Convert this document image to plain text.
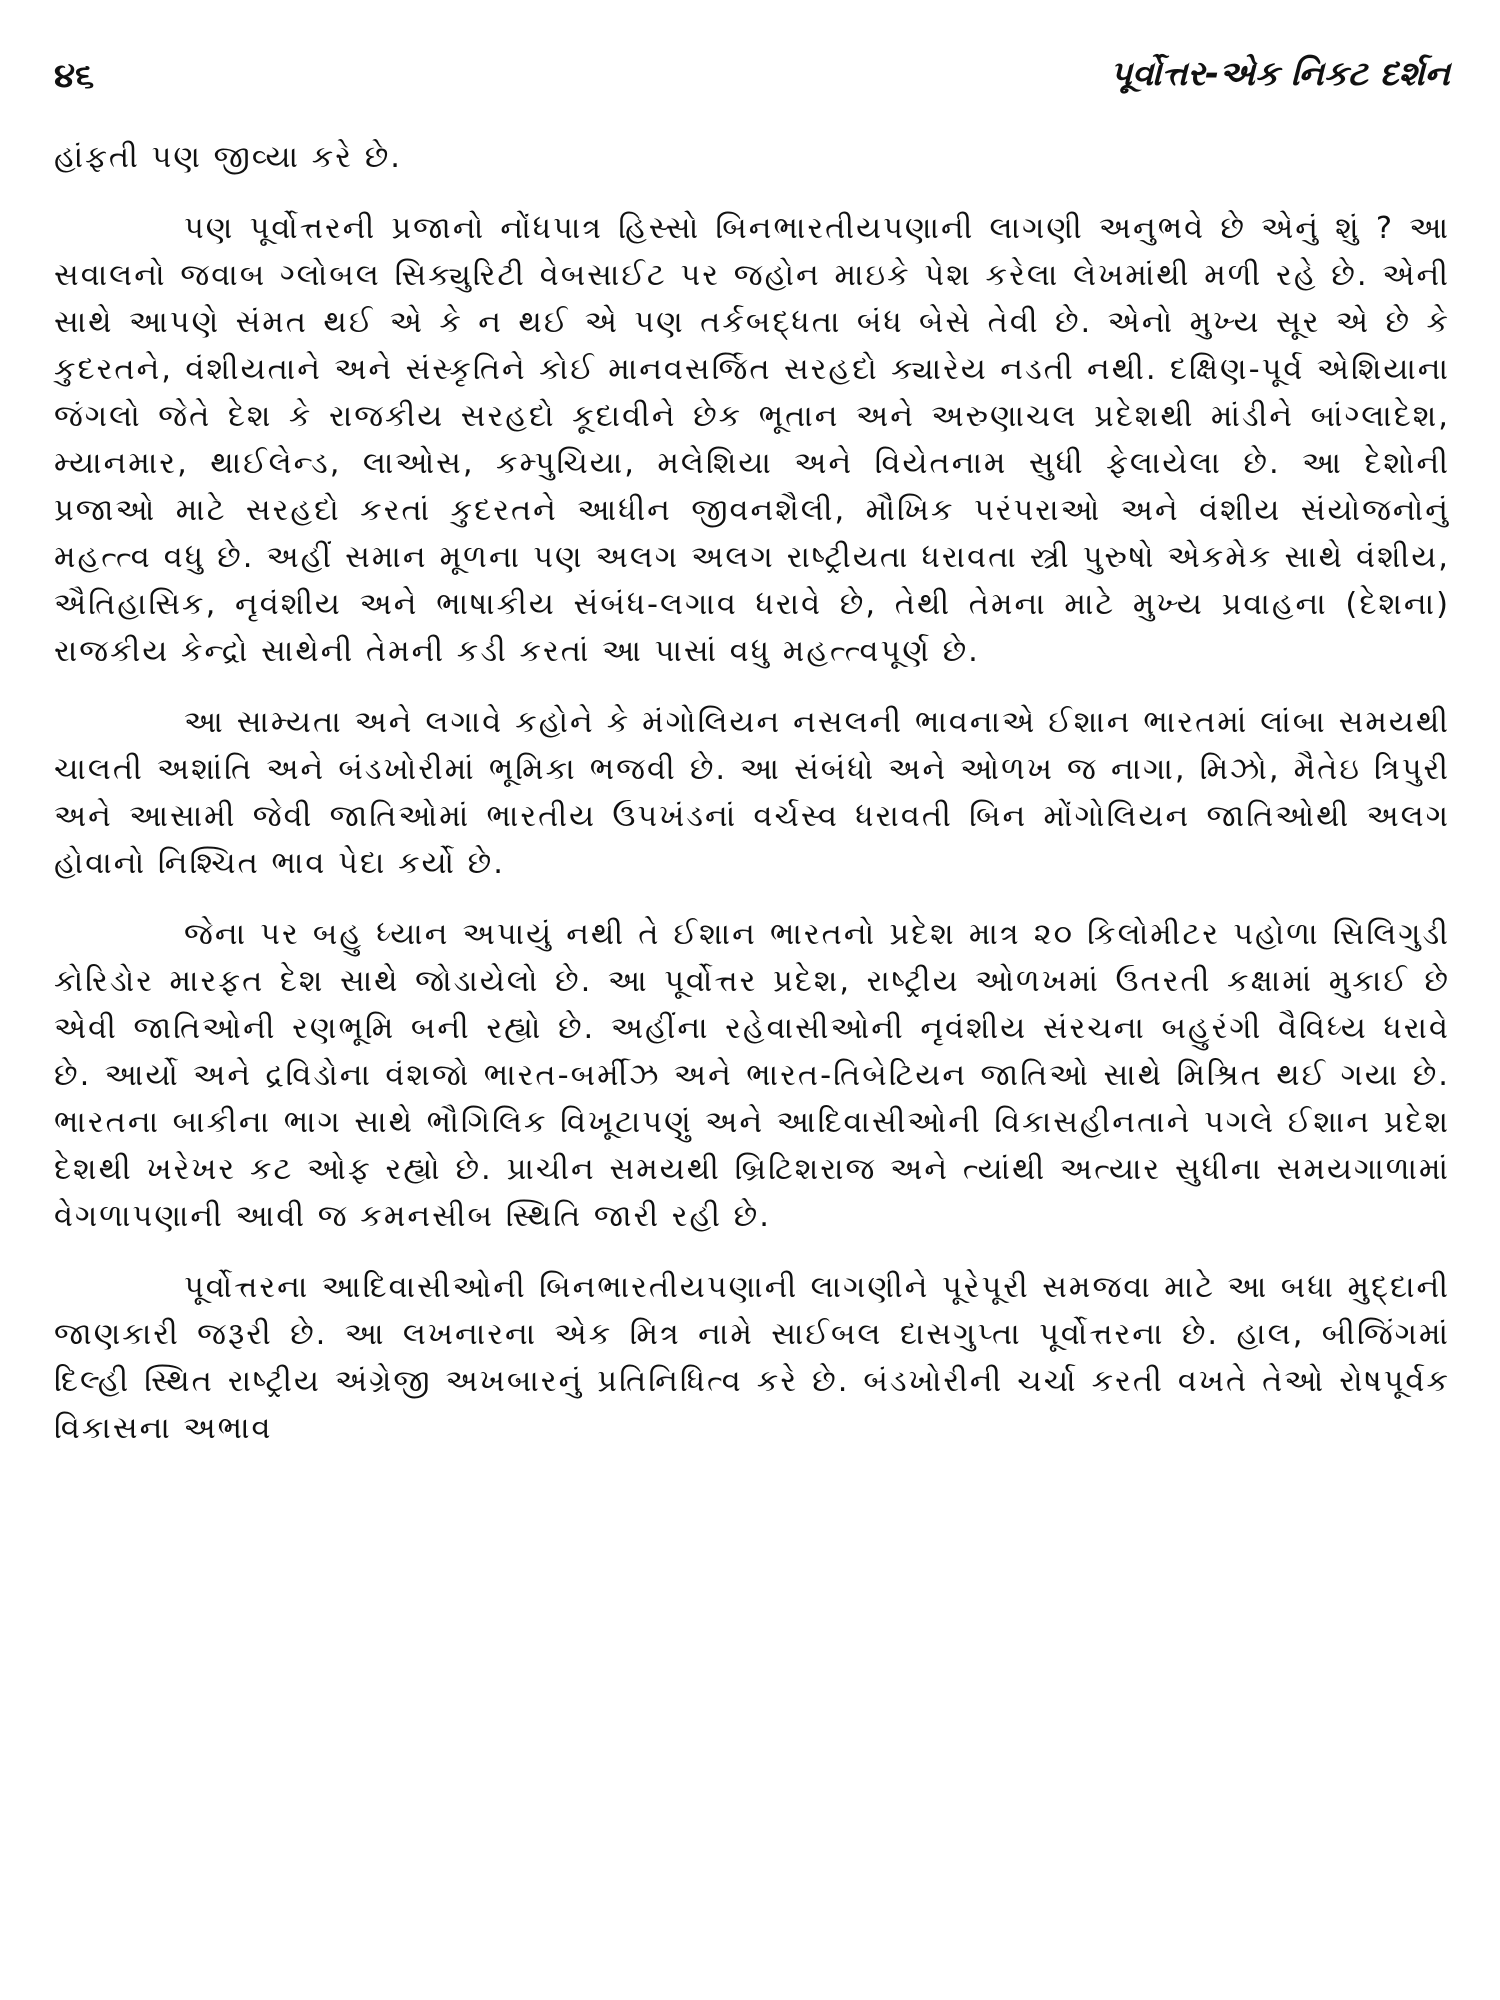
૪૬	પૂર્વોત્તર-એક નિકટ દર્શન

હાંફતી પણ જીવ્યા કરે છે.

પણ પૂર્વોત્તરની પ્રજાનો નોંધપાત્ર હિસ્સો બિનભારતીયપણાની લાગણી અનુભવે છે એનું શું ? આ સવાલનો જવાબ ગ્લોબલ સિક્યુરિટી વેબસાઈટ પર જહોન માઇકે પેશ કરેલા લેખમાંથી મળી રહે છે. એની સાથે આપણે સંમત થઈ એ કે ન થઈ એ પણ તર્કબદ્ધતા બંધ બેસે તેવી છે. એનો મુખ્ય સૂર એ છે કે કુદરતને, વંશીયતાને અને સંસ્કૃતિને કોઈ માનવસર્જિત સરહદો ક્યારેય નડતી નથી. દક્ષિણ-પૂર્વ એશિયાના જંગલો જેતે દેશ કે રાજકીય સરહદો કૂદાવીને છેક ભૂતાન અને અરુણાચલ પ્રદેશથી માંડીને બાંગ્લાદેશ, મ્યાનમાર, થાઈલેન્ડ, લાઓસ, કમ્પુચિયા, મલેશિયા અને વિયેતનામ સુધી ફેલાયેલા છે. આ દેશોની પ્રજાઓ માટે સરહદો કરતાં કુદરતને આધીન જીવનશૈલી, મૌખિક પરંપરાઓ અને વંશીય સંયોજનોનું મહત્ત્વ વધુ છે. અહીં સમાન મૂળના પણ અલગ અલગ રાષ્ટ્રીયતા ધરાવતા સ્ત્રી પુરુષો એકમેક સાથે વંશીય, ઐતિહાસિક, નૃવંશીય અને ભાષાકીય સંબંધ-લગાવ ધરાવે છે, તેથી તેમના માટે મુખ્ય પ્રવાહના (દેશના) રાજકીય કેન્દ્રો સાથેની તેમની કડી કરતાં આ પાસાં વધુ મહત્ત્વપૂર્ણ છે.

આ સામ્યતા અને લગાવે કહોને કે મંગોલિયન નસલની ભાવનાએ ઈશાન ભારતમાં લાંબા સમયથી ચાલતી અશાંતિ અને બંડખોરીમાં ભૂમિકા ભજવી છે. આ સંબંધો અને ઓળખ જ નાગા, મિઝો, મૈતેઇ ત્રિપુરી અને આસામી જેવી જાતિઓમાં ભારતીય ઉપખંડનાં વર્ચસ્વ ધરાવતી બિન મોંગોલિયન જાતિઓથી અલગ હોવાનો નિશ્ચિત ભાવ પેદા કર્યો છે.

જેના પર બહુ ધ્યાન અપાયું નથી તે ઈશાન ભારતનો પ્રદેશ માત્ર ૨૦ કિલોમીટર પહોળા સિલિગુડી કોરિડોર મારફત દેશ સાથે જોડાયેલો છે. આ પૂર્વોત્તર પ્રદેશ, રાષ્ટ્રીય ઓળખમાં ઉતરતી કક્ષામાં મુકાઈ છે એવી જાતિઓની રણભૂમિ બની રહ્યો છે. અહીંના રહેવાસીઓની નૃવંશીય સંરચના બહુરંગી વૈવિધ્ય ધરાવે છે. આર્યો અને દ્રવિડોના વંશજો ભારત-બર્મીઝ અને ભારત-તિબેટિયન જાતિઓ સાથે મિશ્રિત થઈ ગયા છે. ભારતના બાકીના ભાગ સાથે ભૌગિલિક વિખૂટાપણું અને આદિવાસીઓની વિકાસહીનતાને પગલે ઈશાન પ્રદેશ દેશથી ખરેખર કટ ઓફ રહ્યો છે. પ્રાચીન સમયથી બ્રિટિશરાજ અને ત્યાંથી અત્યાર સુધીના સમયગાળામાં વેગળાપણાની આવી જ કમનસીબ સ્થિતિ જારી રહી છે.

પૂર્વોત્તરના આદિવાસીઓની બિનભારતીયપણાની લાગણીને પૂરેપૂરી સમજવા માટે આ બધા મુદ્દાની જાણકારી જરૂરી છે. આ લખનારના એક મિત્ર નામે સાઈબલ દાસગુપ્તા પૂર્વોત્તરના છે. હાલ, બીજિંગમાં દિલ્હી સ્થિત રાષ્ટ્રીય અંગ્રેજી અખબારનું પ્રતિનિધિત્વ કરે છે. બંડખોરીની ચર્ચા કરતી વખતે તેઓ રોષપૂર્વક વિકાસના અભાવ
